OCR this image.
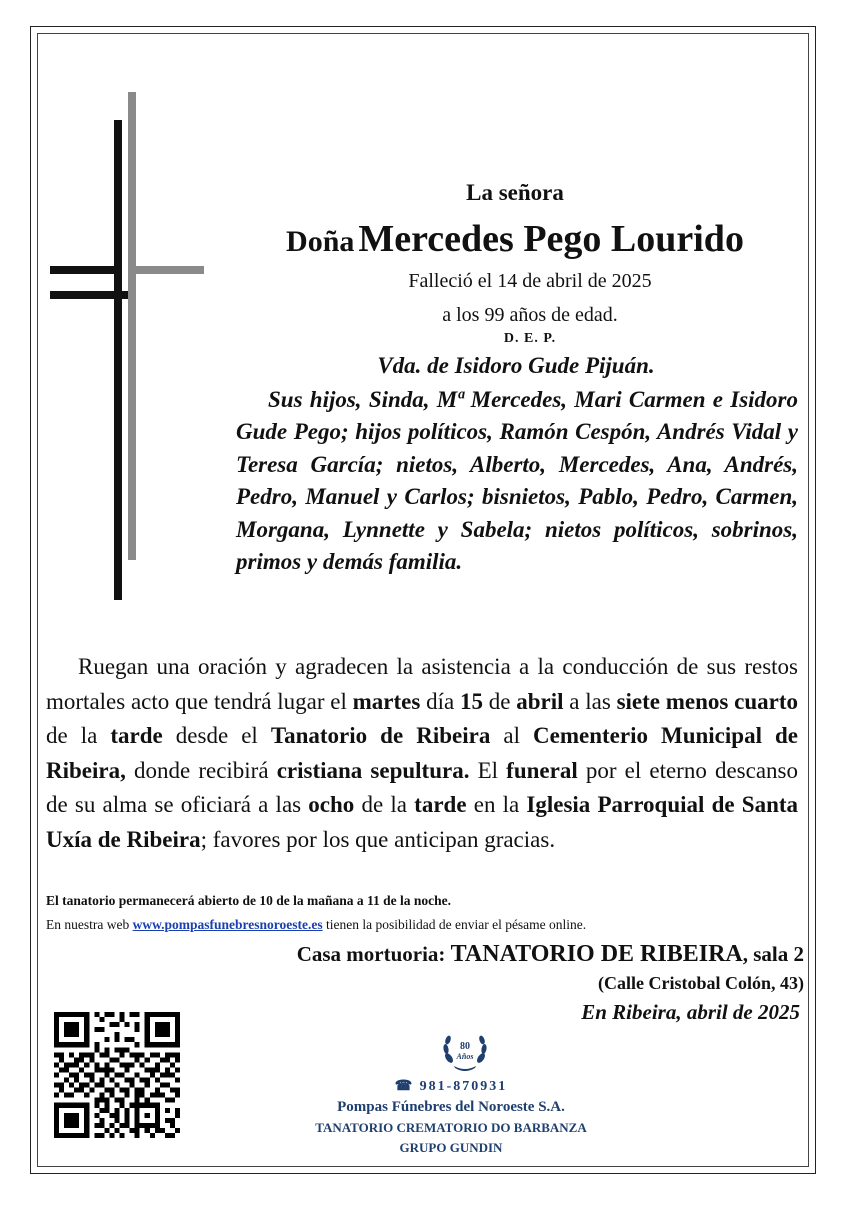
La señora
Doña Mercedes Pego Lourido
Falleció el 14 de abril de 2025
a los 99 años de edad.
D. E. P.
Vda. de Isidoro Gude Pijuán.
Sus hijos, Sinda, Mª Mercedes, Mari Carmen e Isidoro Gude Pego; hijos políticos, Ramón Cespón, Andrés Vidal y Teresa García; nietos, Alberto, Mercedes, Ana, Andrés, Pedro, Manuel y Carlos; bisnietos, Pablo, Pedro, Carmen, Morgana, Lynnette y Sabela; nietos políticos, sobrinos, primos y demás familia.
Ruegan una oración y agradecen la asistencia a la conducción de sus restos mortales acto que tendrá lugar el martes día 15 de abril a las siete menos cuarto de la tarde desde el Tanatorio de Ribeira al Cementerio Municipal de Ribeira, donde recibirá cristiana sepultura. El funeral por el eterno descanso de su alma se oficiará a las ocho de la tarde en la Iglesia Parroquial de Santa Uxía de Ribeira; favores por los que anticipan gracias.
El tanatorio permanecerá abierto de 10 de la mañana a 11 de la noche.
En nuestra web www.pompasfunebresnoroeste.es tienen la posibilidad de enviar el pésame online.
Casa mortuoria: TANATORIO DE RIBEIRA, sala 2
(Calle Cristobal Colón, 43)
En Ribeira, abril de 2025
80
Años
☎ 981-870931
Pompas Fúnebres del Noroeste S.A.
TANATORIO CREMATORIO DO BARBANZA
GRUPO GUNDIN
